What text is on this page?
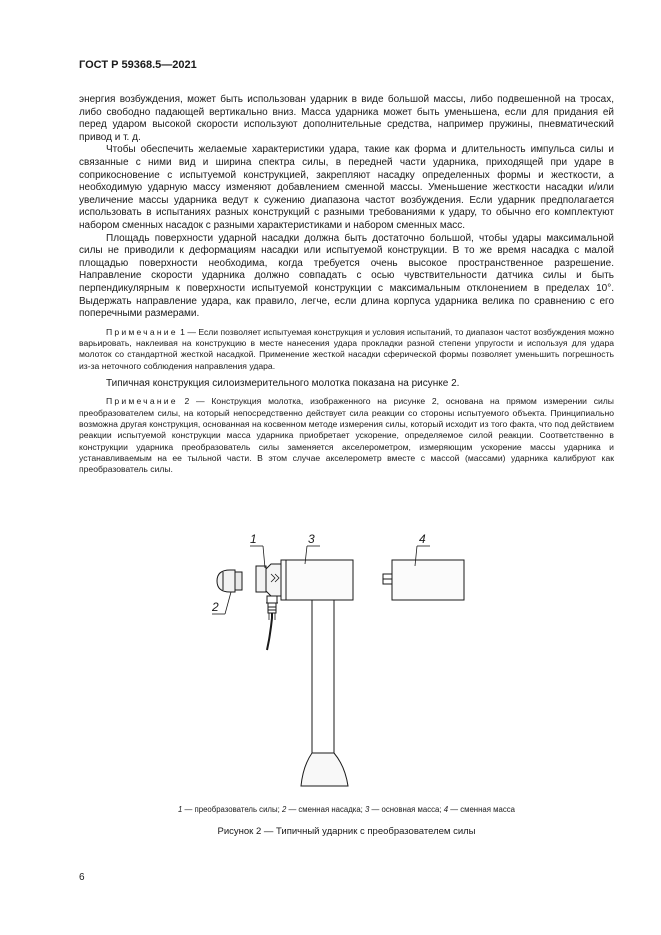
ГОСТ Р 59368.5—2021

энергия возбуждения, может быть использован ударник в виде большой массы, либо подвешенной на тросах, либо свободно падающей вертикально вниз. Масса ударника может быть уменьшена, если для придания ей перед ударом высокой скорости используют дополнительные средства, например пружины, пневматический привод и т. д.

Чтобы обеспечить желаемые характеристики удара, такие как форма и длительность импульса силы и связанные с ними вид и ширина спектра силы, в передней части ударника, приходящей при ударе в соприкосновение с испытуемой конструкцией, закрепляют насадку определенных формы и жесткости, а необходимую ударную массу изменяют добавлением сменной массы. Уменьшение жесткости насадки и/или увеличение массы ударника ведут к сужению диапазона частот возбуждения. Если ударник предполагается использовать в испытаниях разных конструкций с разными требованиями к удару, то обычно его комплектуют набором сменных насадок с разными характеристиками и набором сменных масс.

Площадь поверхности ударной насадки должна быть достаточно большой, чтобы удары максимальной силы не приводили к деформациям насадки или испытуемой конструкции. В то же время насадка с малой площадью поверхности необходима, когда требуется очень высокое пространственное разрешение. Направление скорости ударника должно совпадать с осью чувствительности датчика силы и быть перпендикулярным к поверхности испытуемой конструкции с максимальным отклонением в пределах 10°. Выдержать направление удара, как правило, легче, если длина корпуса ударника велика по сравнению с его поперечными размерами.

Примечание 1 — Если позволяет испытуемая конструкция и условия испытаний, то диапазон частот возбуждения можно варьировать, наклеивая на конструкцию в месте нанесения удара прокладки разной степени упругости и используя для удара молоток со стандартной жесткой насадкой. Применение жесткой насадки сферической формы позволяет уменьшить погрешность из-за неточного соблюдения направления удара.

Типичная конструкция силоизмерительного молотка показана на рисунке 2.

Примечание 2 — Конструкция молотка, изображенного на рисунке 2, основана на прямом измерении силы преобразователем силы, на который непосредственно действует сила реакции со стороны испытуемого объекта. Принципиально возможна другая конструкция, основанная на косвенном методе измерения силы, который исходит из того факта, что под действием реакции испытуемой конструкции масса ударника приобретает ускорение, определяемое силой реакции. Соответственно в конструкции ударника преобразователь силы заменяется акселерометром, измеряющим ускорение массы ударника и устанавливаемым на ее тыльной части. В этом случае акселерометр вместе с массой (массами) ударника калибруют как преобразователь силы.

1	3	4
2
1 — преобразователь силы; 2 — сменная насадка; 3 — основная масса; 4 — сменная масса
Рисунок 2 — Типичный ударник с преобразователем силы
6
